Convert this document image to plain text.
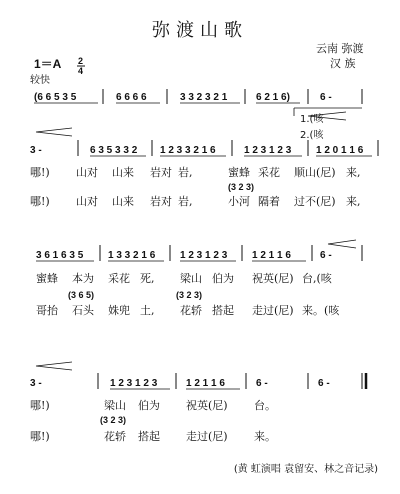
弥渡山歌
云南 弥渡
汉 族
1＝A 2
4
较快
(6 6 5 3 5	6 6 6 6	3 3 2 3 2 1	6 2 1 6)	6 -
1.(咳
2.(咳
3 -	6 3 5 3 3 2 1 2 3 3 2 1 6	1 2 3 1 2 3 1 2 0 1 1 6
哪!) 山对 山来 岩对 岩,	蜜蜂 采花 顺山(尼) 来,
(3 2 3)
哪!) 山对 山来 岩对 岩,	小河 隔着 过不(尼) 来,
3 6 1 6 3 5 1 3 3 2 1 6 1 2 3 1 2 3 1 2 1 1 6	6 -
蜜蜂 本为 采花 死, 梁山 伯为 祝英(尼) 台,(咳
(3 6 5)	(3 2 3)
哥抬 石头 姝兜 土, 花轿 搭起 走过(尼) 来。(咳
3 -	1 2 3 1 2 3	1 2 1 1 6	6 -	6 -
哪!)	梁山 伯为 祝英(尼) 台。
(3 2 3)
哪!)	花轿 搭起 走过(尼) 来。
(黄 虹演唱 袁留安、林之音记录)
